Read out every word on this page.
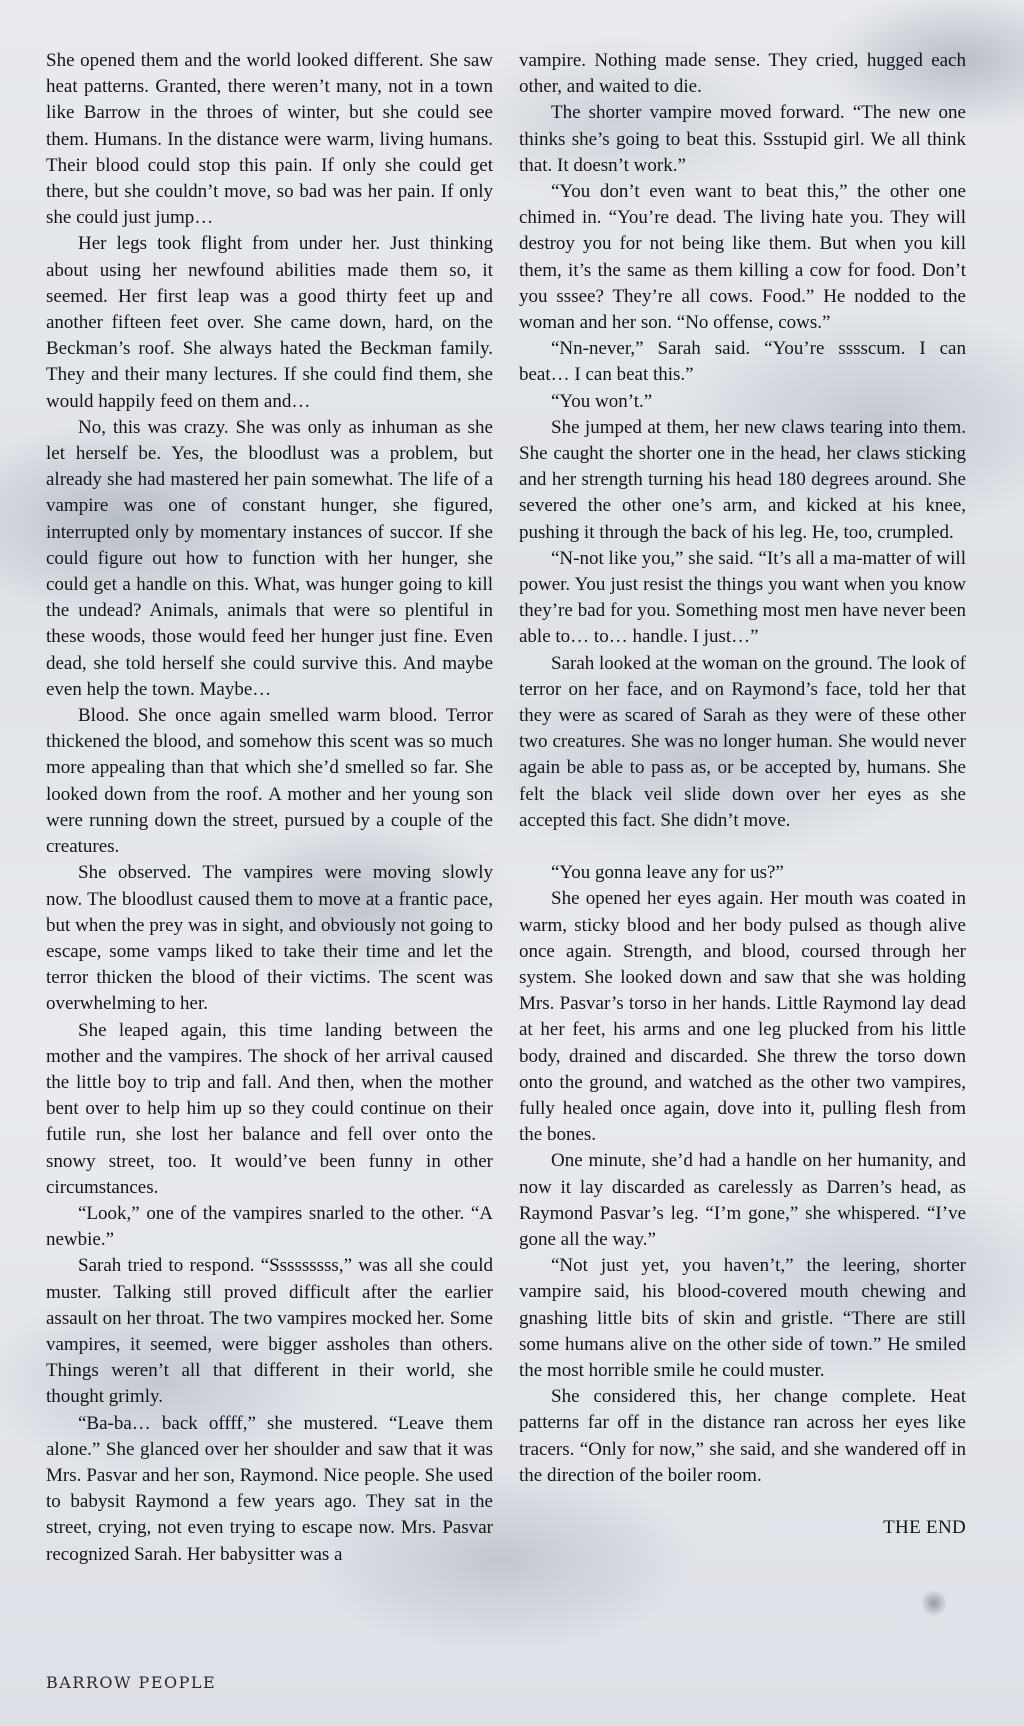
She opened them and the world looked different. She saw heat patterns. Granted, there weren’t many, not in a town like Barrow in the throes of winter, but she could see them. Humans. In the distance were warm, living humans. Their blood could stop this pain. If only she could get there, but she couldn’t move, so bad was her pain. If only she could just jump…

Her legs took flight from under her. Just thinking about using her newfound abilities made them so, it seemed. Her first leap was a good thirty feet up and another fifteen feet over. She came down, hard, on the Beckman’s roof. She always hated the Beckman family. They and their many lectures. If she could find them, she would happily feed on them and…

No, this was crazy. She was only as inhuman as she let herself be. Yes, the bloodlust was a problem, but already she had mastered her pain somewhat. The life of a vampire was one of constant hunger, she figured, interrupted only by momentary instances of succor. If she could figure out how to function with her hunger, she could get a handle on this. What, was hunger going to kill the undead? Animals, animals that were so plentiful in these woods, those would feed her hunger just fine. Even dead, she told herself she could survive this. And maybe even help the town. Maybe…

Blood. She once again smelled warm blood. Terror thickened the blood, and somehow this scent was so much more appealing than that which she’d smelled so far. She looked down from the roof. A mother and her young son were running down the street, pursued by a couple of the creatures.

She observed. The vampires were moving slowly now. The bloodlust caused them to move at a frantic pace, but when the prey was in sight, and obviously not going to escape, some vamps liked to take their time and let the terror thicken the blood of their victims. The scent was overwhelming to her.

She leaped again, this time landing between the mother and the vampires. The shock of her arrival caused the little boy to trip and fall. And then, when the mother bent over to help him up so they could continue on their futile run, she lost her balance and fell over onto the snowy street, too. It would’ve been funny in other circumstances.

“Look,” one of the vampires snarled to the other. “A newbie.”

Sarah tried to respond. “Sssssssss,” was all she could muster. Talking still proved difficult after the earlier assault on her throat. The two vampires mocked her. Some vampires, it seemed, were bigger assholes than others. Things weren’t all that different in their world, she thought grimly.

“Ba-ba… back offff,” she mustered. “Leave them alone.” She glanced over her shoulder and saw that it was Mrs. Pasvar and her son, Raymond. Nice people. She used to babysit Raymond a few years ago. They sat in the street, crying, not even trying to escape now. Mrs. Pasvar recognized Sarah. Her babysitter was a

vampire. Nothing made sense. They cried, hugged each other, and waited to die.

The shorter vampire moved forward. “The new one thinks she’s going to beat this. Ssstupid girl. We all think that. It doesn’t work.”

“You don’t even want to beat this,” the other one chimed in. “You’re dead. The living hate you. They will destroy you for not being like them. But when you kill them, it’s the same as them killing a cow for food. Don’t you sssee? They’re all cows. Food.” He nodded to the woman and her son. “No offense, cows.”

“Nn-never,” Sarah said. “You’re sssscum. I can beat… I can beat this.”

“You won’t.”

She jumped at them, her new claws tearing into them. She caught the shorter one in the head, her claws sticking and her strength turning his head 180 degrees around. She severed the other one’s arm, and kicked at his knee, pushing it through the back of his leg. He, too, crumpled.

“N-not like you,” she said. “It’s all a ma-matter of will power. You just resist the things you want when you know they’re bad for you. Something most men have never been able to… to… handle. I just…”

Sarah looked at the woman on the ground. The look of terror on her face, and on Raymond’s face, told her that they were as scared of Sarah as they were of these other two creatures. She was no longer human. She would never again be able to pass as, or be accepted by, humans. She felt the black veil slide down over her eyes as she accepted this fact. She didn’t move.

“You gonna leave any for us?”

She opened her eyes again. Her mouth was coated in warm, sticky blood and her body pulsed as though alive once again. Strength, and blood, coursed through her system. She looked down and saw that she was holding Mrs. Pasvar’s torso in her hands. Little Raymond lay dead at her feet, his arms and one leg plucked from his little body, drained and discarded. She threw the torso down onto the ground, and watched as the other two vampires, fully healed once again, dove into it, pulling flesh from the bones.

One minute, she’d had a handle on her humanity, and now it lay discarded as carelessly as Darren’s head, as Raymond Pasvar’s leg. “I’m gone,” she whispered. “I’ve gone all the way.”

“Not just yet, you haven’t,” the leering, shorter vampire said, his blood-covered mouth chewing and gnashing little bits of skin and gristle. “There are still some humans alive on the other side of town.” He smiled the most horrible smile he could muster.

She considered this, her change complete. Heat patterns far off in the distance ran across her eyes like tracers. “Only for now,” she said, and she wandered off in the direction of the boiler room.

THE END
BARROW PEOPLE
